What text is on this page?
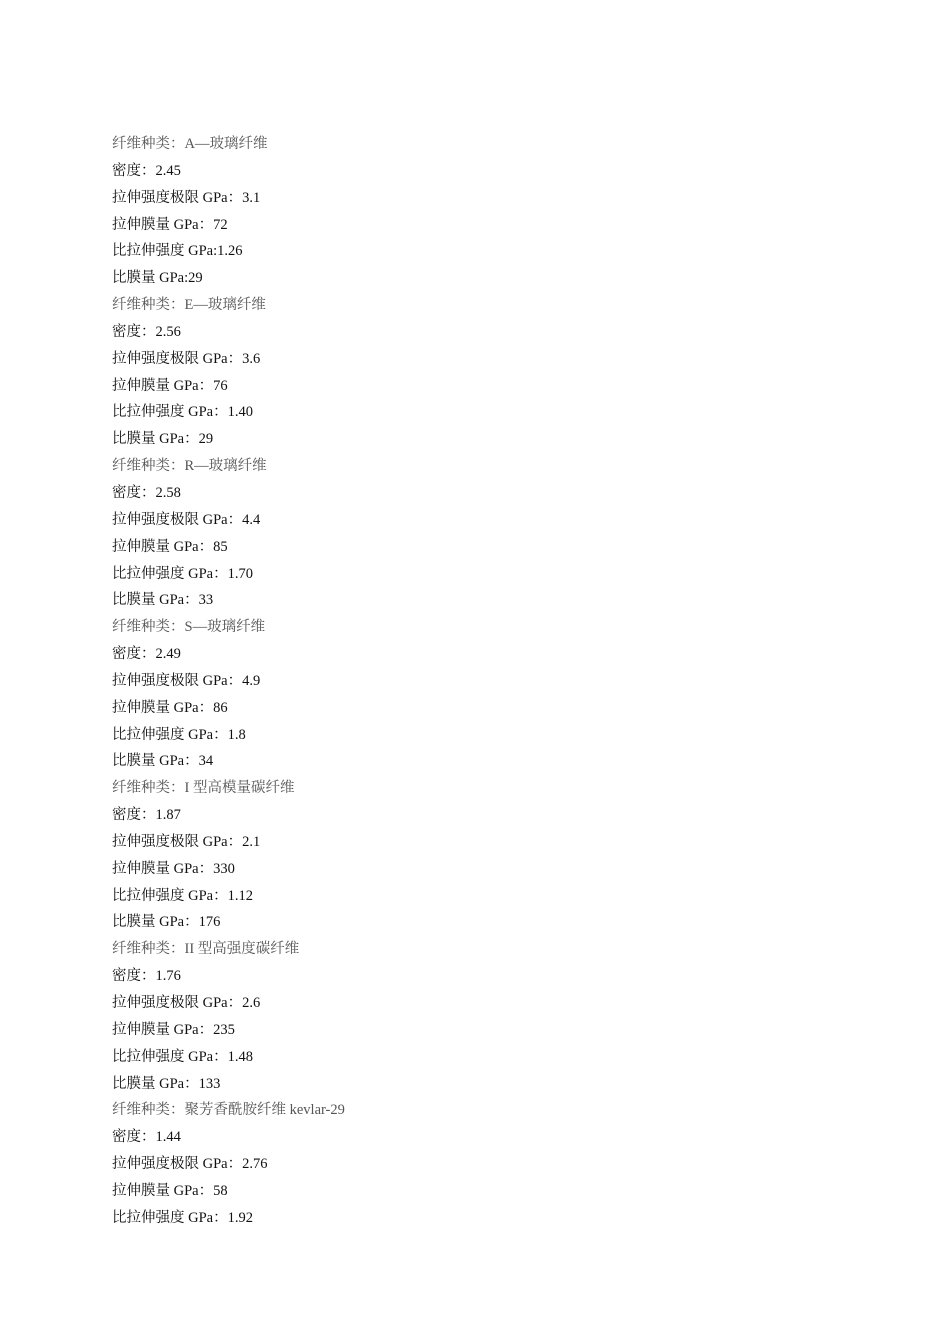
纤维种类：A—玻璃纤维
密度：2.45
拉伸强度极限 GPa：3.1
拉伸膜量 GPa：72
比拉伸强度 GPa:1.26
比膜量 GPa:29
纤维种类：E—玻璃纤维
密度：2.56
拉伸强度极限 GPa：3.6
拉伸膜量 GPa：76
比拉伸强度 GPa：1.40
比膜量 GPa：29
纤维种类：R—玻璃纤维
密度：2.58
拉伸强度极限 GPa：4.4
拉伸膜量 GPa：85
比拉伸强度 GPa：1.70
比膜量 GPa：33
纤维种类：S—玻璃纤维
密度：2.49
拉伸强度极限 GPa：4.9
拉伸膜量 GPa：86
比拉伸强度 GPa：1.8
比膜量 GPa：34
纤维种类：I 型高模量碳纤维
密度：1.87
拉伸强度极限 GPa：2.1
拉伸膜量 GPa：330
比拉伸强度 GPa：1.12
比膜量 GPa：176
纤维种类：II 型高强度碳纤维
密度：1.76
拉伸强度极限 GPa：2.6
拉伸膜量 GPa：235
比拉伸强度 GPa：1.48
比膜量 GPa：133
纤维种类：聚芳香酰胺纤维 kevlar-29
密度：1.44
拉伸强度极限 GPa：2.76
拉伸膜量 GPa：58
比拉伸强度 GPa：1.92
